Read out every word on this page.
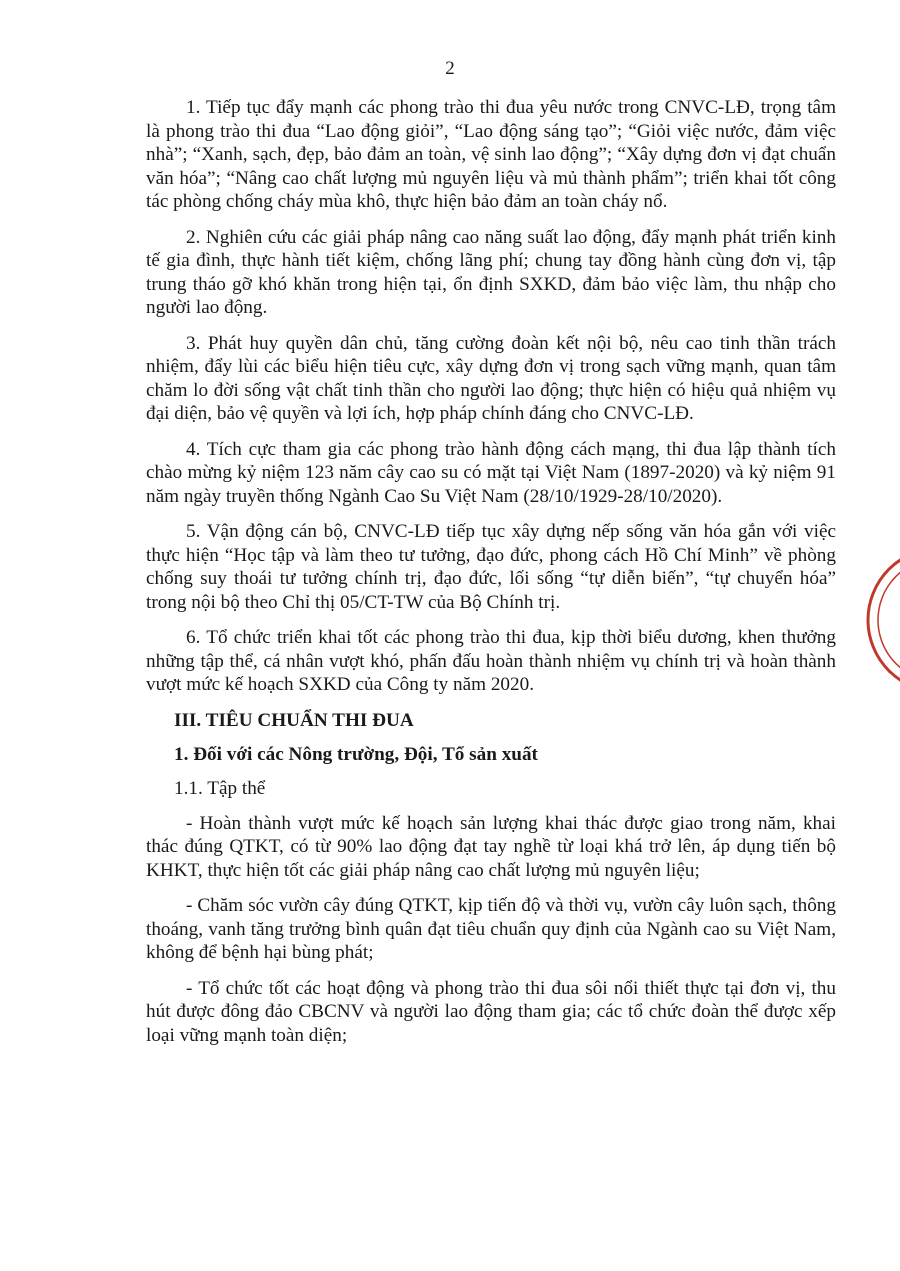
2

1. Tiếp tục đẩy mạnh các phong trào thi đua yêu nước trong CNVC-LĐ, trọng tâm là phong trào thi đua “Lao động giỏi”, “Lao động sáng tạo”; “Giỏi việc nước, đảm việc nhà”; “Xanh, sạch, đẹp, bảo đảm an toàn, vệ sinh lao động”; “Xây dựng đơn vị đạt chuẩn văn hóa”; “Nâng cao chất lượng mủ nguyên liệu và mủ thành phẩm”; triển khai tốt công tác phòng chống cháy mùa khô, thực hiện bảo đảm an toàn cháy nổ.

2. Nghiên cứu các giải pháp nâng cao năng suất lao động, đẩy mạnh phát triển kinh tế gia đình, thực hành tiết kiệm, chống lãng phí; chung tay đồng hành cùng đơn vị, tập trung tháo gỡ khó khăn trong hiện tại, ổn định SXKD, đảm bảo việc làm, thu nhập cho người lao động.

3. Phát huy quyền dân chủ, tăng cường đoàn kết nội bộ, nêu cao tinh thần trách nhiệm, đẩy lùi các biểu hiện tiêu cực, xây dựng đơn vị trong sạch vững mạnh, quan tâm chăm lo đời sống vật chất tinh thần cho người lao động; thực hiện có hiệu quả nhiệm vụ đại diện, bảo vệ quyền và lợi ích, hợp pháp chính đáng cho CNVC-LĐ.

4. Tích cực tham gia các phong trào hành động cách mạng, thi đua lập thành tích chào mừng kỷ niệm 123 năm cây cao su có mặt tại Việt Nam (1897-2020) và kỷ niệm 91 năm ngày truyền thống Ngành Cao Su Việt Nam (28/10/1929-28/10/2020).

5. Vận động cán bộ, CNVC-LĐ tiếp tục xây dựng nếp sống văn hóa gắn với việc thực hiện “Học tập và làm theo tư tưởng, đạo đức, phong cách Hồ Chí Minh” về phòng chống suy thoái tư tưởng chính trị, đạo đức, lối sống “tự diễn biến”, “tự chuyển hóa” trong nội bộ theo Chỉ thị 05/CT-TW của Bộ Chính trị.

6. Tổ chức triển khai tốt các phong trào thi đua, kịp thời biểu dương, khen thưởng những tập thể, cá nhân vượt khó, phấn đấu hoàn thành nhiệm vụ chính trị và hoàn thành vượt mức kế hoạch SXKD của Công ty năm 2020.

III. TIÊU CHUẨN THI ĐUA

1. Đối với các Nông trường, Đội, Tổ sản xuất

1.1. Tập thể

- Hoàn thành vượt mức kế hoạch sản lượng khai thác được giao trong năm, khai thác đúng QTKT, có từ 90% lao động đạt tay nghề từ loại khá trở lên, áp dụng tiến bộ KHKT, thực hiện tốt các giải pháp nâng cao chất lượng mủ nguyên liệu;

- Chăm sóc vườn cây đúng QTKT, kịp tiến độ và thời vụ, vườn cây luôn sạch, thông thoáng, vanh tăng trưởng bình quân đạt tiêu chuẩn quy định của Ngành cao su Việt Nam, không để bệnh hại bùng phát;

- Tổ chức tốt các hoạt động và phong trào thi đua sôi nổi thiết thực tại đơn vị, thu hút được đông đảo CBCNV và người lao động tham gia; các tổ chức đoàn thể được xếp loại vững mạnh toàn diện;
